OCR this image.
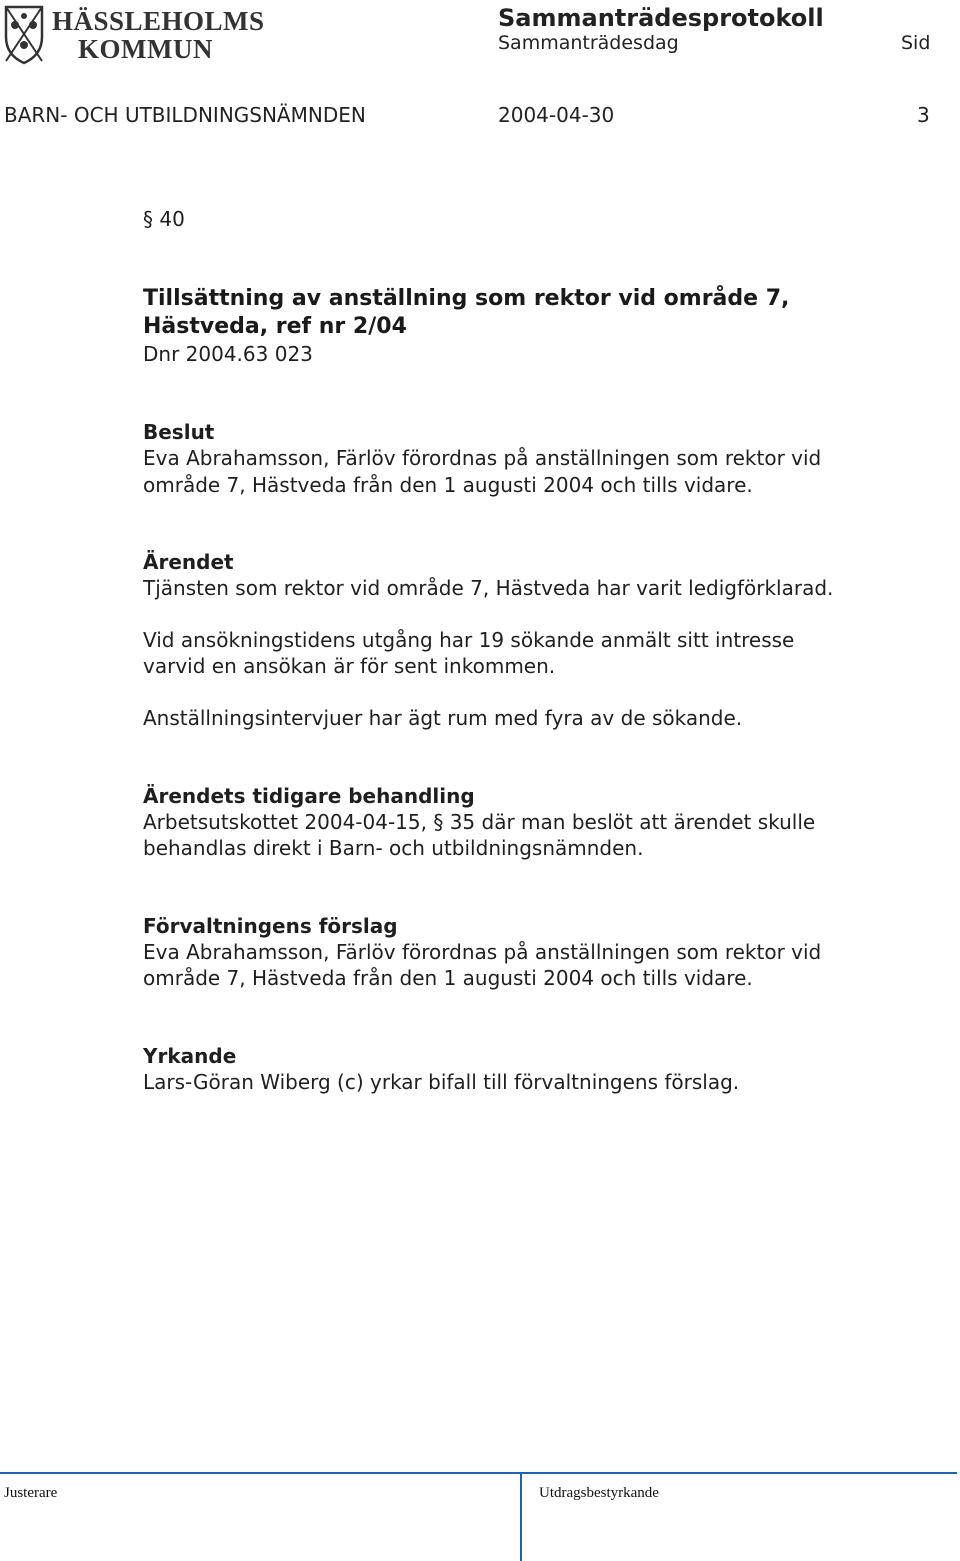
HÄSSLEHOLMS
KOMMUN
Sammanträdesprotokoll
Sammanträdesdag	Sid
BARN- OCH UTBILDNINGSNÄMNDEN	2004-04-30	3
§ 40
Tillsättning av anställning som rektor vid område 7,
Hästveda, ref nr 2/04
Dnr 2004.63 023
Beslut
Eva Abrahamsson, Färlöv förordnas på anställningen som rektor vid
område 7, Hästveda från den 1 augusti 2004 och tills vidare.
Ärendet
Tjänsten som rektor vid område 7, Hästveda har varit ledigförklarad.
Vid ansökningstidens utgång har 19 sökande anmält sitt intresse
varvid en ansökan är för sent inkommen.
Anställningsintervjuer har ägt rum med fyra av de sökande.
Ärendets tidigare behandling
Arbetsutskottet 2004-04-15, § 35 där man beslöt att ärendet skulle
behandlas direkt i Barn- och utbildningsnämnden.
Förvaltningens förslag
Eva Abrahamsson, Färlöv förordnas på anställningen som rektor vid
område 7, Hästveda från den 1 augusti 2004 och tills vidare.
Yrkande
Lars-Göran Wiberg (c) yrkar bifall till förvaltningens förslag.
Justerare	Utdragsbestyrkande
